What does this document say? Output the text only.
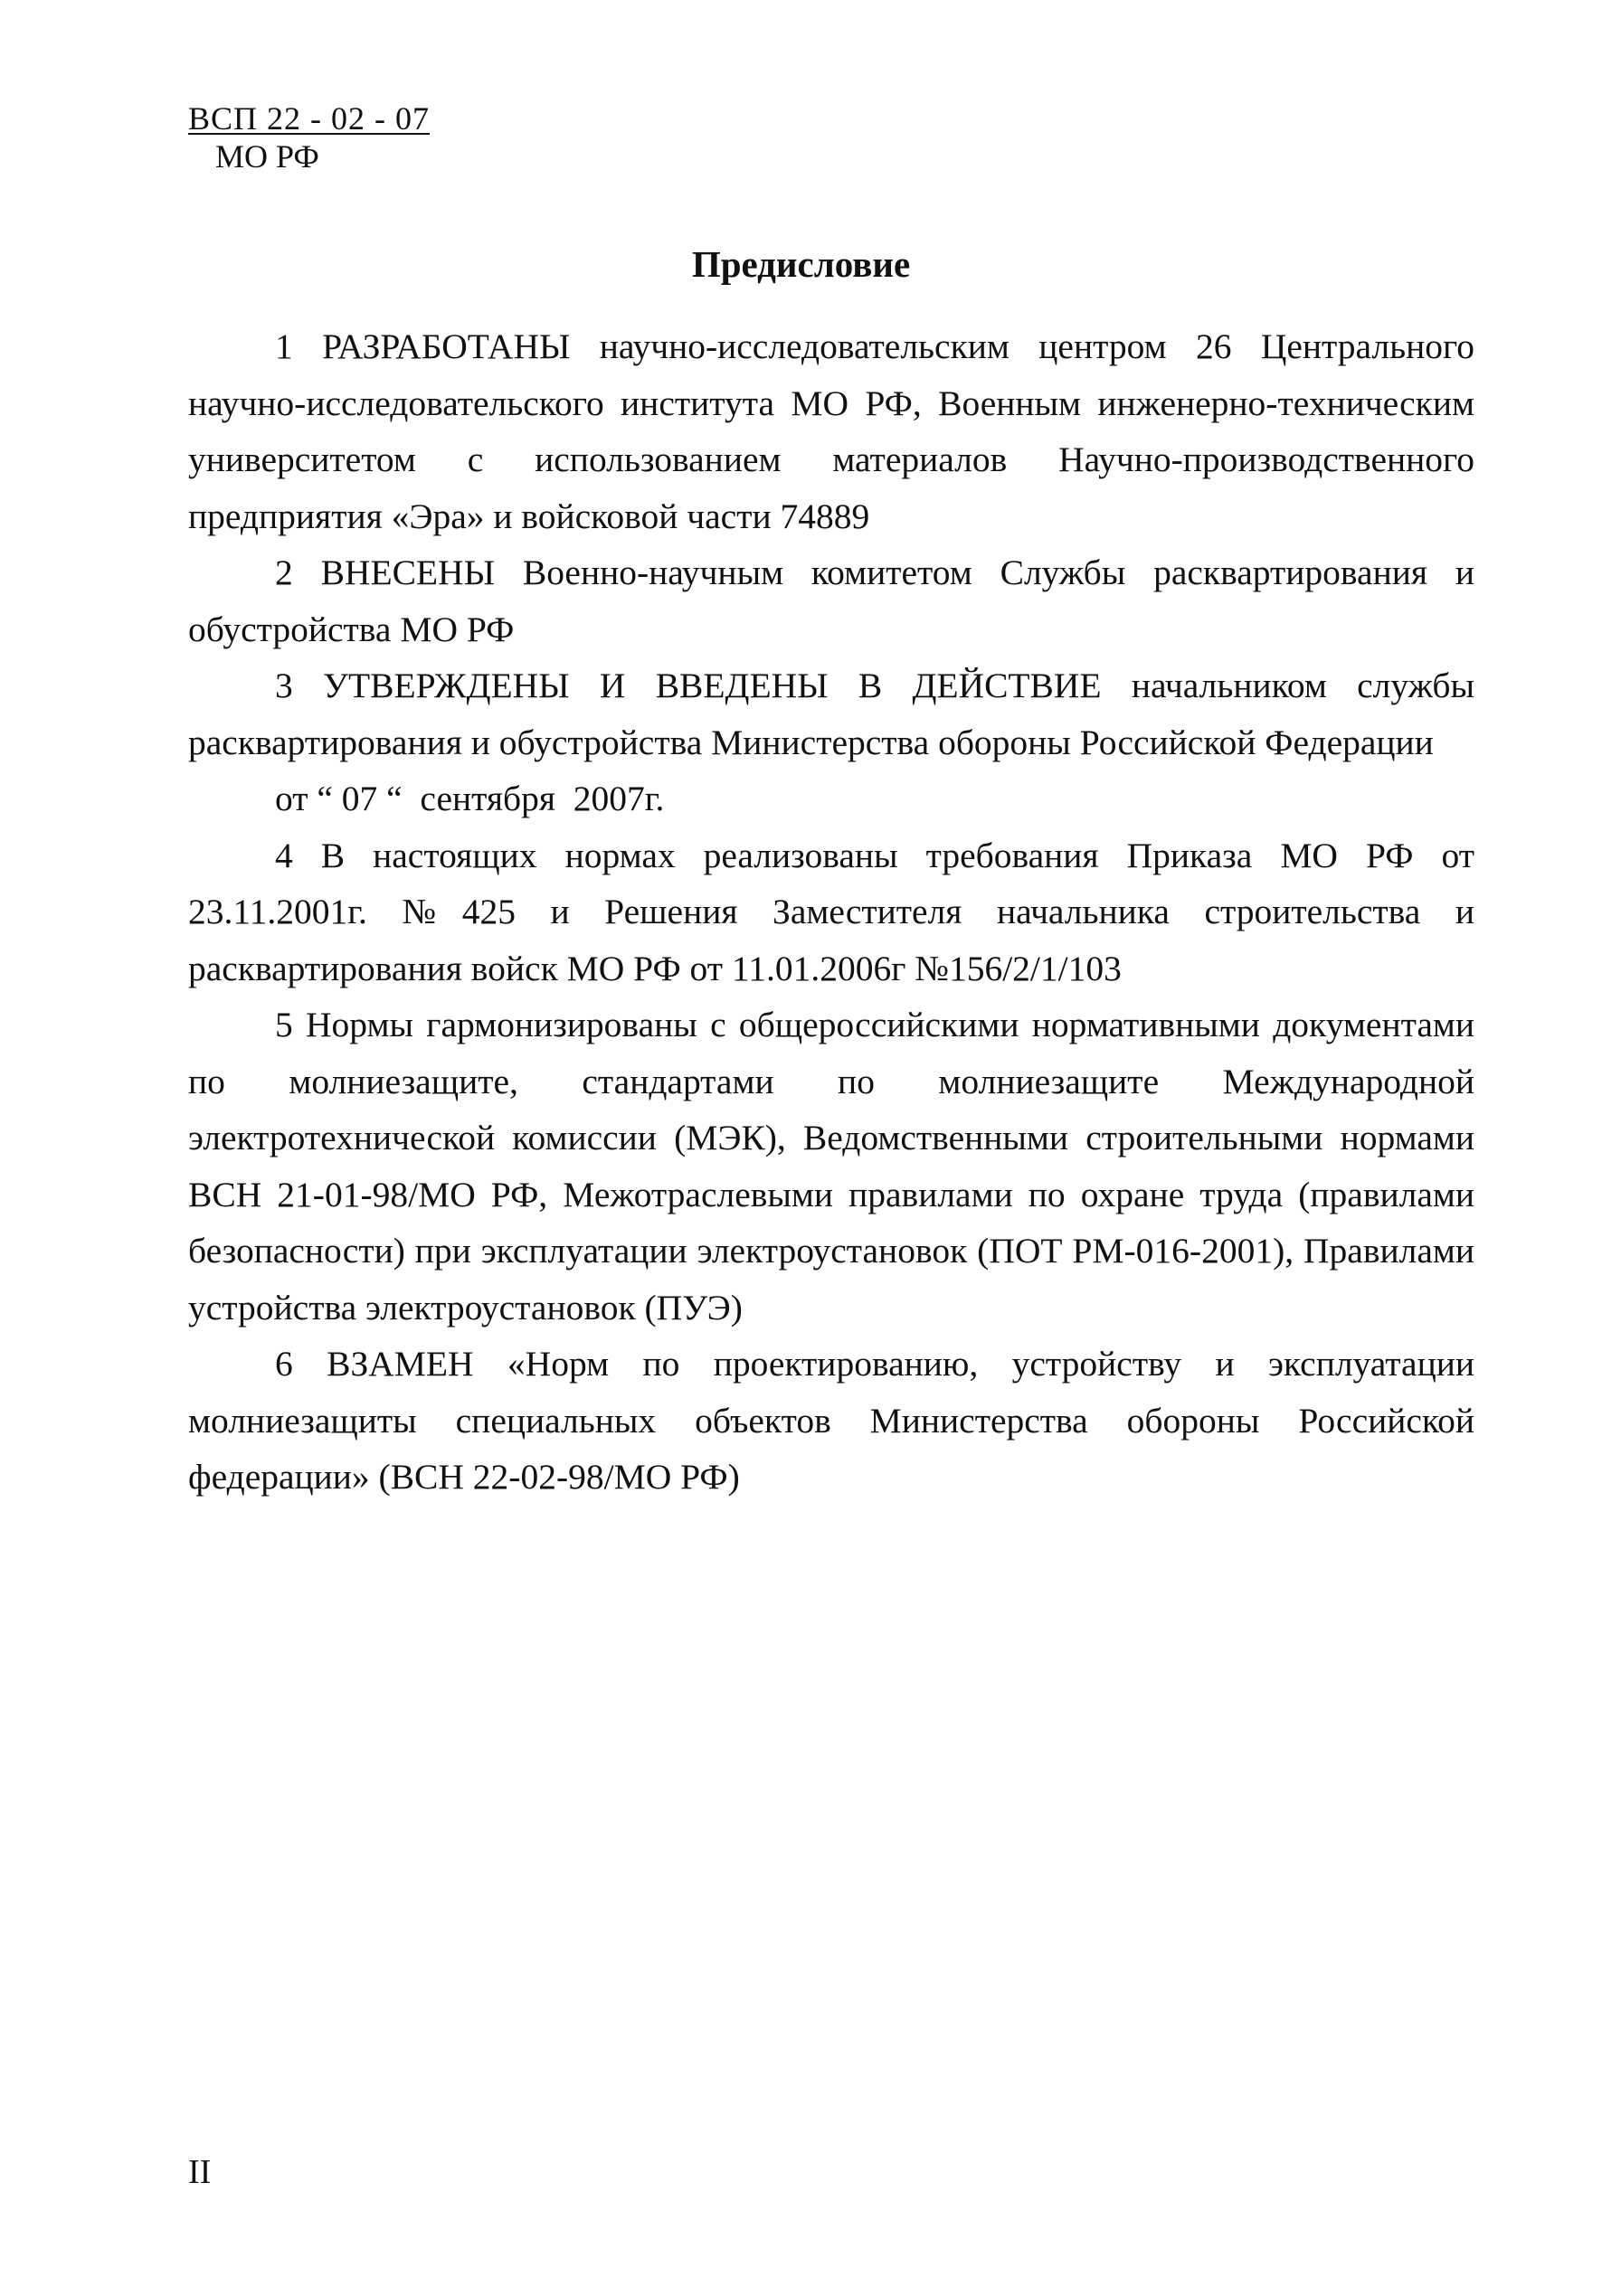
ВСП 22 - 02 - 07
МО РФ
Предисловие

1 РАЗРАБОТАНЫ научно-исследовательским центром 26 Центрального научно-исследовательского института МО РФ, Военным инженерно-техническим университетом с использованием материалов Научно-производственного предприятия «Эра» и войсковой части 74889

2 ВНЕСЕНЫ Военно-научным комитетом Службы расквартирования и обустройства МО РФ

3 УТВЕРЖДЕНЫ И ВВЕДЕНЫ В ДЕЙСТВИЕ начальником службы расквартирования и обустройства Министерства обороны Российской Федерации

от “ 07 “  сентября  2007г.

4 В настоящих нормах реализованы требования Приказа МО РФ от 23.11.2001г. №425 и Решения Заместителя начальника строительства и расквартирования войск МО РФ от 11.01.2006г №156/2/1/103

5 Нормы гармонизированы с общероссийскими нормативными документами по молниезащите, стандартами по молниезащите Международной электротехнической комиссии (МЭК), Ведомственными строительными нормами ВСН 21-01-98/МО РФ, Межотраслевыми правилами по охране труда (правилами безопасности) при эксплуатации электроустановок (ПОТ РМ-016-2001), Правилами устройства электроустановок (ПУЭ)

6 ВЗАМЕН «Норм по проектированию, устройству и эксплуатации молниезащиты специальных объектов Министерства обороны Российской федерации» (ВСН 22-02-98/МО РФ)

II
